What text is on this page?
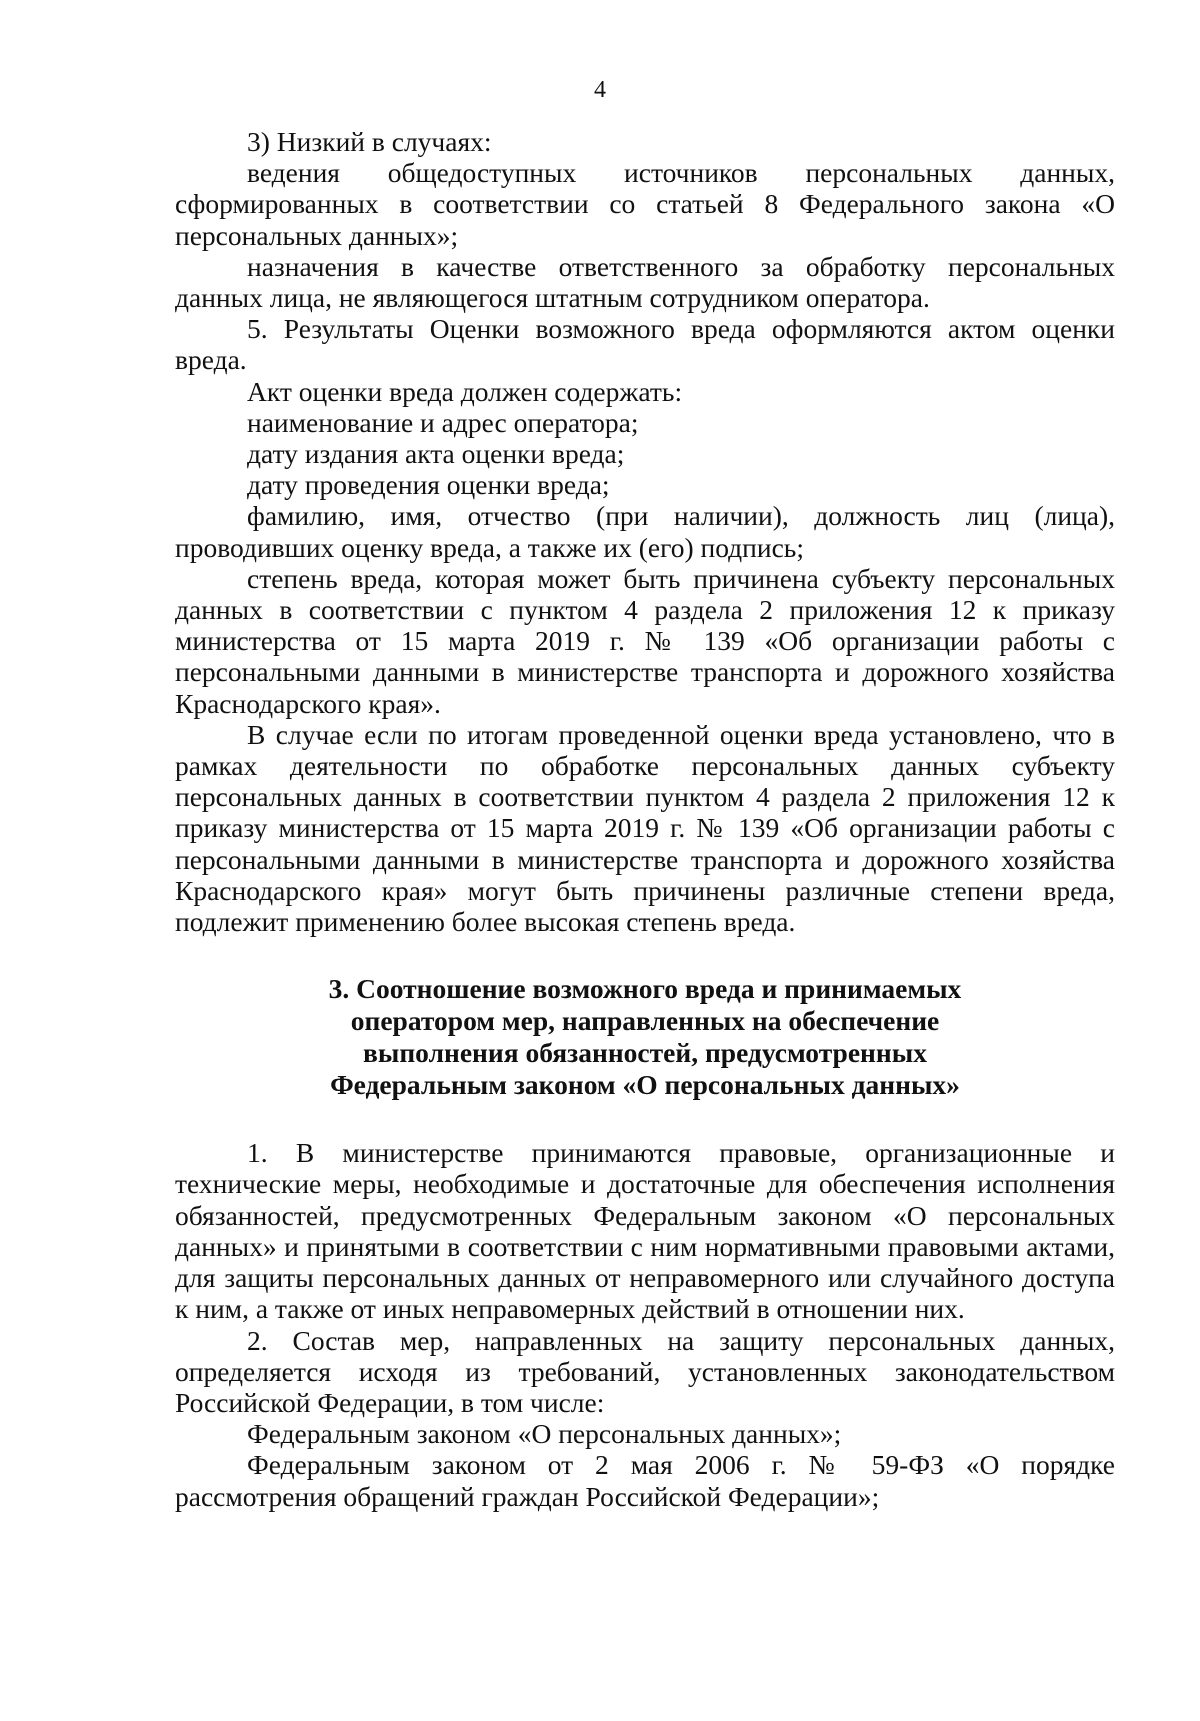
4

3) Низкий в случаях:

ведения общедоступных источников персональных данных, сформированных в соответствии со статьей 8 Федерального закона «О персональных данных»;

назначения в качестве ответственного за обработку персональных данных лица, не являющегося штатным сотрудником оператора.

5. Результаты Оценки возможного вреда оформляются актом оценки вреда.

Акт оценки вреда должен содержать:

наименование и адрес оператора;

дату издания акта оценки вреда;

дату проведения оценки вреда;

фамилию, имя, отчество (при наличии), должность лиц (лица), проводивших оценку вреда, а также их (его) подпись;

степень вреда, которая может быть причинена субъекту персональных данных в соответствии с пунктом 4 раздела 2 приложения 12 к приказу министерства от 15 марта 2019 г. № 139 «Об организации работы с персональными данными в министерстве транспорта и дорожного хозяйства Краснодарского края».

В случае если по итогам проведенной оценки вреда установлено, что в рамках деятельности по обработке персональных данных субъекту персональных данных в соответствии пунктом 4 раздела 2 приложения 12 к приказу министерства от 15 марта 2019 г. № 139 «Об организации работы с персональными данными в министерстве транспорта и дорожного хозяйства Краснодарского края» могут быть причинены различные степени вреда, подлежит применению более высокая степень вреда.

3. Соотношение возможного вреда и принимаемых
оператором мер, направленных на обеспечение
выполнения обязанностей, предусмотренных
Федеральным законом «О персональных данных»

1. В министерстве принимаются правовые, организационные и технические меры, необходимые и достаточные для обеспечения исполнения обязанностей, предусмотренных Федеральным законом «О персональных данных» и принятыми в соответствии с ним нормативными правовыми актами, для защиты персональных данных от неправомерного или случайного доступа к ним, а также от иных неправомерных действий в отношении них.

2. Состав мер, направленных на защиту персональных данных, определяется исходя из требований, установленных законодательством Российской Федерации, в том числе:

Федеральным законом «О персональных данных»;

Федеральным законом от 2 мая 2006 г. № 59-ФЗ «О порядке рассмотрения обращений граждан Российской Федерации»;
